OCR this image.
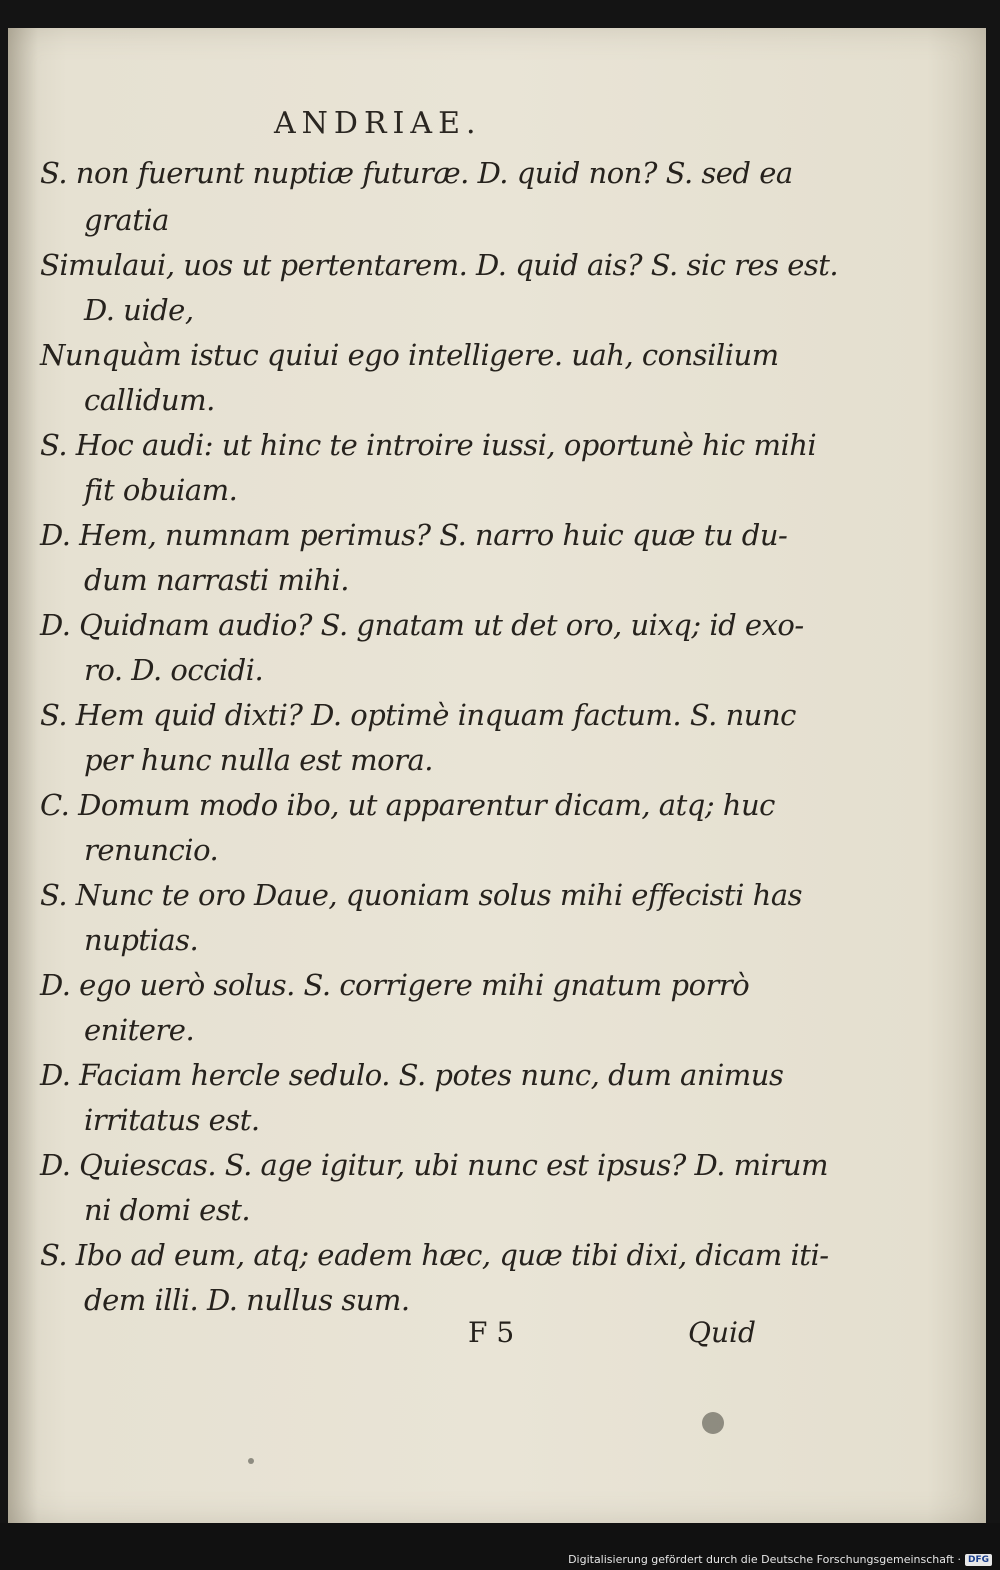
ANDRIAE.
S. non fuerunt nuptiæ futuræ. D. quid non? S. sed ea
gratia
Simulaui, uos ut pertentarem. D. quid ais? S. sic res est.
D. uide,
Nunquàm istuc quiui ego intelligere. uah, consilium
callidum.
S. Hoc audi: ut hinc te introire iussi, oportunè hic mihi
fit obuiam.
D. Hem, numnam perimus? S. narro huic quæ tu du-
dum narrasti mihi.
D. Quidnam audio? S. gnatam ut det oro, uixq; id exo-
ro. D. occidi.
S. Hem quid dixti? D. optimè inquam factum. S. nunc
per hunc nulla est mora.
C. Domum modo ibo, ut apparentur dicam, atq; huc
renuncio.
S. Nunc te oro Daue, quoniam solus mihi effecisti has
nuptias.
D. ego uerò solus. S. corrigere mihi gnatum porrò
enitere.
D. Faciam hercle sedulo. S. potes nunc, dum animus
irritatus est.
D. Quiescas. S. age igitur, ubi nunc est ipsus? D. mirum
ni domi est.
S. Ibo ad eum, atq; eadem hæc, quæ tibi dixi, dicam iti-
dem illi. D. nullus sum.
F 5	Quid
Digitalisierung gefördert durch die Deutsche Forschungsgemeinschaft · DFG
